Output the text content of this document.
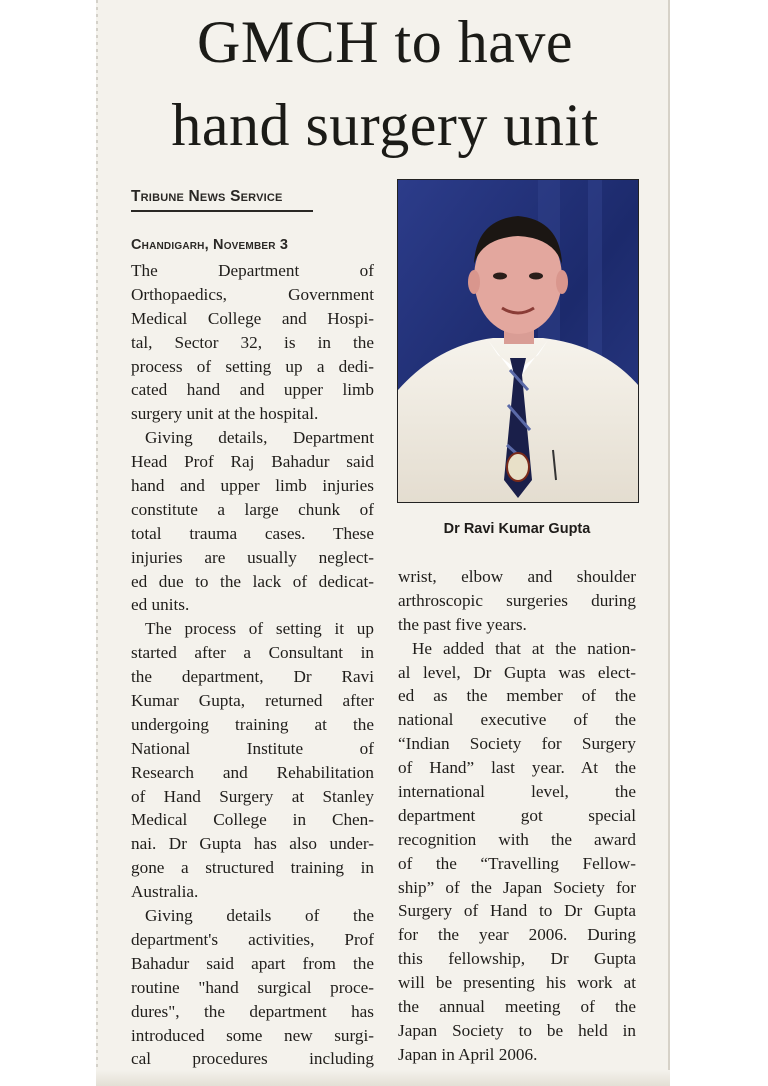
GMCH to have
hand surgery unit

Tribune News Service

Chandigarh, November 3
The Department of
Orthopaedics, Government
Medical College and Hospi-
tal, Sector 32, is in the
process of setting up a dedi-
cated hand and upper limb
surgery unit at the hospital.
Giving details, Department
Head Prof Raj Bahadur said
hand and upper limb injuries
constitute a large chunk of
total trauma cases. These
injuries are usually neglect-
ed due to the lack of dedicat-
ed units.
The process of setting it up
started after a Consultant in
the department, Dr Ravi
Kumar Gupta, returned after
undergoing training at the
National Institute of
Research and Rehabilitation
of Hand Surgery at Stanley
Medical College in Chen-
nai. Dr Gupta has also under-
gone a structured training in
Australia.
Giving details of the
department's activities, Prof
Bahadur said apart from the
routine "hand surgical proce-
dures", the department has
introduced some new surgi-
cal procedures including
Dr Ravi Kumar Gupta
wrist, elbow and shoulder
arthroscopic surgeries during
the past five years.
He added that at the nation-
al level, Dr Gupta was elect-
ed as the member of the
national executive of the
“Indian Society for Surgery
of Hand” last year. At the
international level, the
department got special
recognition with the award
of the “Travelling Fellow-
ship” of the Japan Society for
Surgery of Hand to Dr Gupta
for the year 2006. During
this fellowship, Dr Gupta
will be presenting his work at
the annual meeting of the
Japan Society to be held in
Japan in April 2006.
